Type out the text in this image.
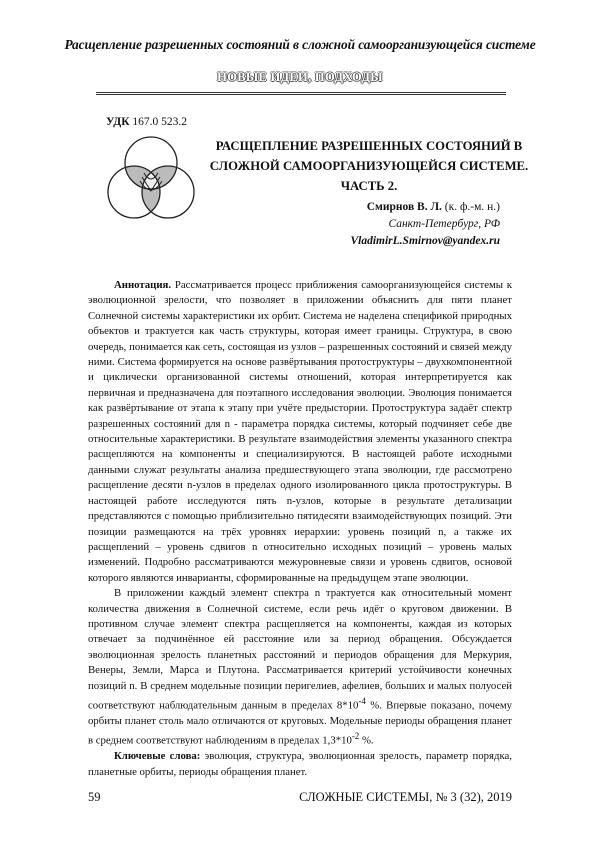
Расщепление разрешенных состояний в сложной самоорганизующейся системе
НОВЫЕ ИДЕИ, ПОДХОДЫ
УДК 167.0 523.2
РАСЩЕПЛЕНИЕ РАЗРЕШЕННЫХ СОСТОЯНИЙ В
СЛОЖНОЙ САМООРГАНИЗУЮЩЕЙСЯ СИСТЕМЕ.
ЧАСТЬ 2.
Смирнов В. Л. (к. ф.-м. н.)
Санкт-Петербург, РФ
VladimirL.Smirnov@yandex.ru

Аннотация. Рассматривается процесс приближения самоорганизующейся системы к эволюционной зрелости, что позволяет в приложении объяснить для пяти планет Солнечной системы характеристики их орбит. Система не наделена спецификой природных объектов и трактуется как часть структуры, которая имеет границы. Структура, в свою очередь, понимается как сеть, состоящая из узлов – разрешенных состояний и связей между ними. Система формируется на основе развёртывания протоструктуры – двухкомпонентной и циклически организованной системы отношений, которая интерпретируется как первичная и предназначена для поэтапного исследования эволюции. Эволюция понимается как развёртывание от этапа к этапу при учёте предыстории. Протоструктура задаёт спектр разрешенных состояний для n - параметра порядка системы, который подчиняет себе две относительные характеристики. В результате взаимодействия элементы указанного спектра расщепляются на компоненты и специализируются. В настоящей работе исходными данными служат результаты анализа предшествующего этапа эволюции, где рассмотрено расщепление десяти n-узлов в пределах одного изолированного цикла протоструктуры. В настоящей работе исследуются пять n-узлов, которые в результате детализации представляются с помощью приблизительно пятидесяти взаимодействующих позиций. Эти позиции размещаются на трёх уровнях иерархии: уровень позиций n, а также их расщеплений – уровень сдвигов n относительно исходных позиций – уровень малых изменений. Подробно рассматриваются межуровневые связи и уровень сдвигов, основой которого являются инварианты, сформированные на предыдущем этапе эволюции.

В приложении каждый элемент спектра n трактуется как относительный момент количества движения в Солнечной системе, если речь идёт о круговом движении. В противном случае элемент спектра расщепляется на компоненты, каждая из которых отвечает за подчинённое ей расстояние или за период обращения. Обсуждается эволюционная зрелость планетных расстояний и периодов обращения для Меркурия, Венеры, Земли, Марса и Плутона. Рассматривается критерий устойчивости конечных позиций n. В среднем модельные позиции перигелиев, афелиев, больших и малых полуосей соответствуют наблюдательным данным в пределах $8*10^{-4}$ %. Впервые показано, почему орбиты планет столь мало отличаются от круговых. Модельные периоды обращения планет в среднем соответствуют наблюдениям в пределах $1,3*10^{-2}$ %.

Ключевые слова: эволюция, структура, эволюционная зрелость, параметр порядка, планетные орбиты, периоды обращения планет.

59	СЛОЖНЫЕ СИСТЕМЫ, № 3 (32), 2019
